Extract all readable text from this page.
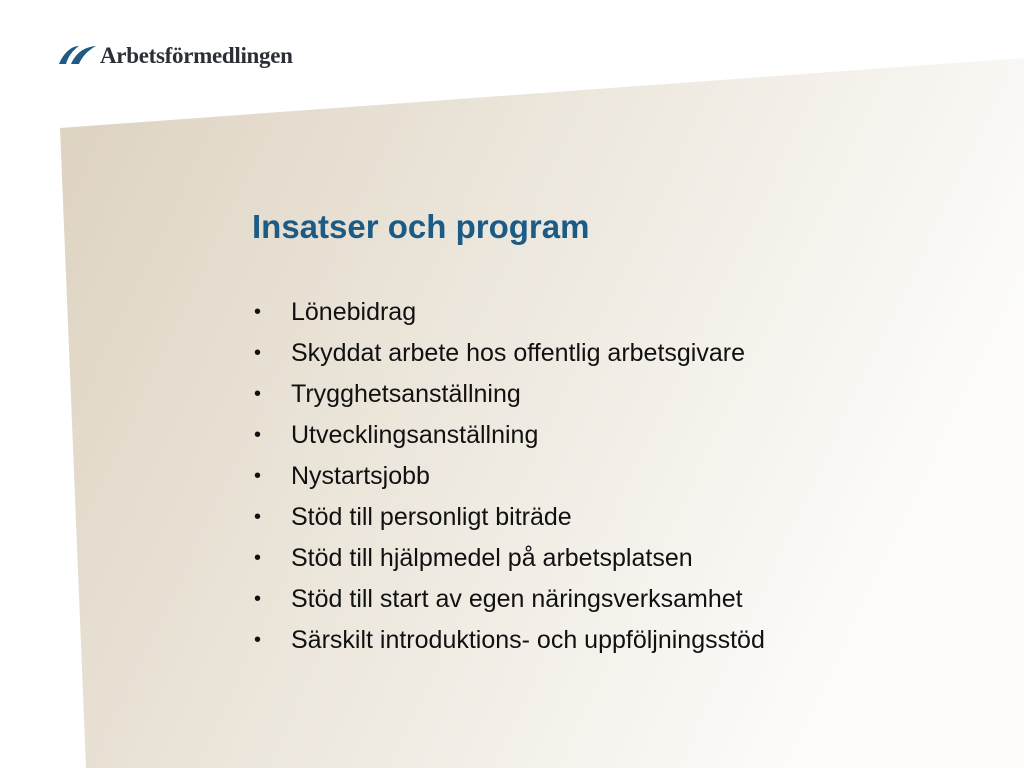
Arbetsförmedlingen
Insatser och program
• Lönebidrag
• Skyddat arbete hos offentlig arbetsgivare
• Trygghetsanställning
• Utvecklingsanställning
• Nystartsjobb
• Stöd till personligt biträde
• Stöd till hjälpmedel på arbetsplatsen
• Stöd till start av egen näringsverksamhet
• Särskilt introduktions- och uppföljningsstöd
